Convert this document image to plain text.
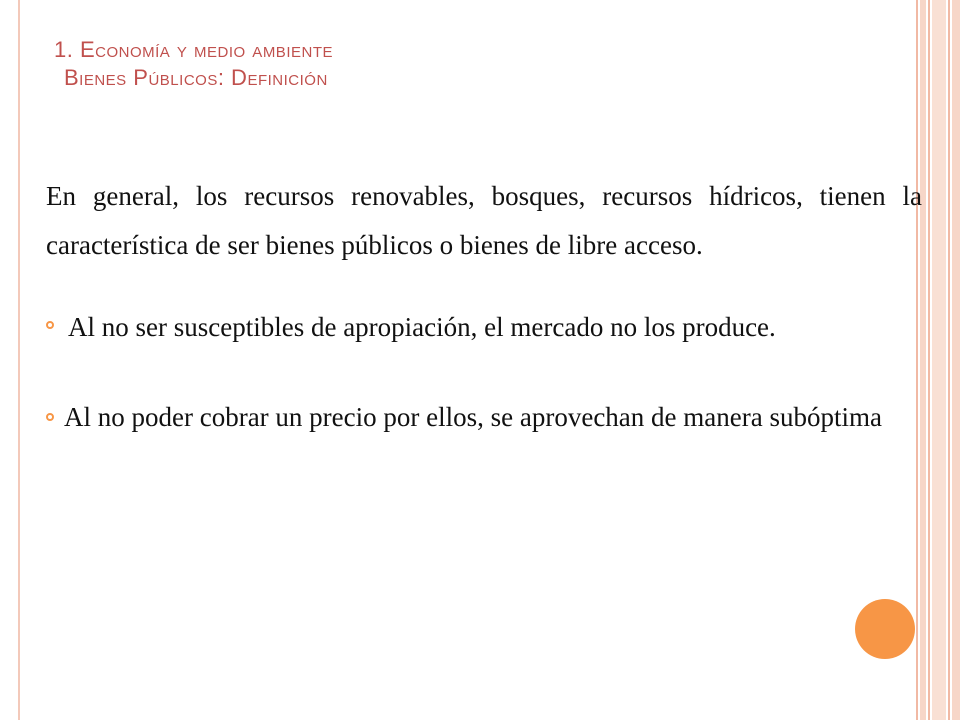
1. Economía y medio ambiente
Bienes Públicos: Definición

En general, los recursos renovables, bosques, recursos hídricos, tienen la característica de ser bienes públicos o bienes de libre acceso.

Al no ser susceptibles de apropiación, el mercado no los produce.

Al no poder cobrar un precio por ellos, se aprovechan de manera subóptima
